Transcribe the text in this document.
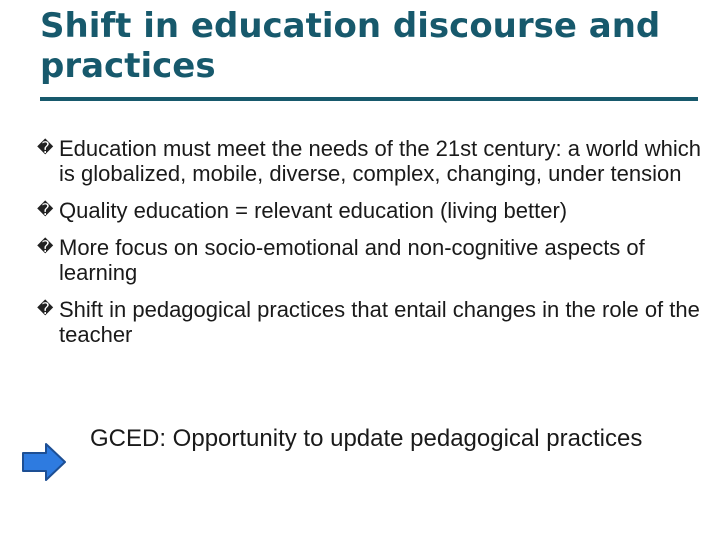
Shift in education discourse and practices
� Education must meet the needs of the 21st century: a world which is globalized, mobile, diverse, complex, changing, under tension
� Quality education = relevant education (living better)
� More focus on socio-emotional and non-cognitive aspects of learning
� Shift in pedagogical practices that entail changes in the role of the teacher
GCED: Opportunity to update pedagogical practices
